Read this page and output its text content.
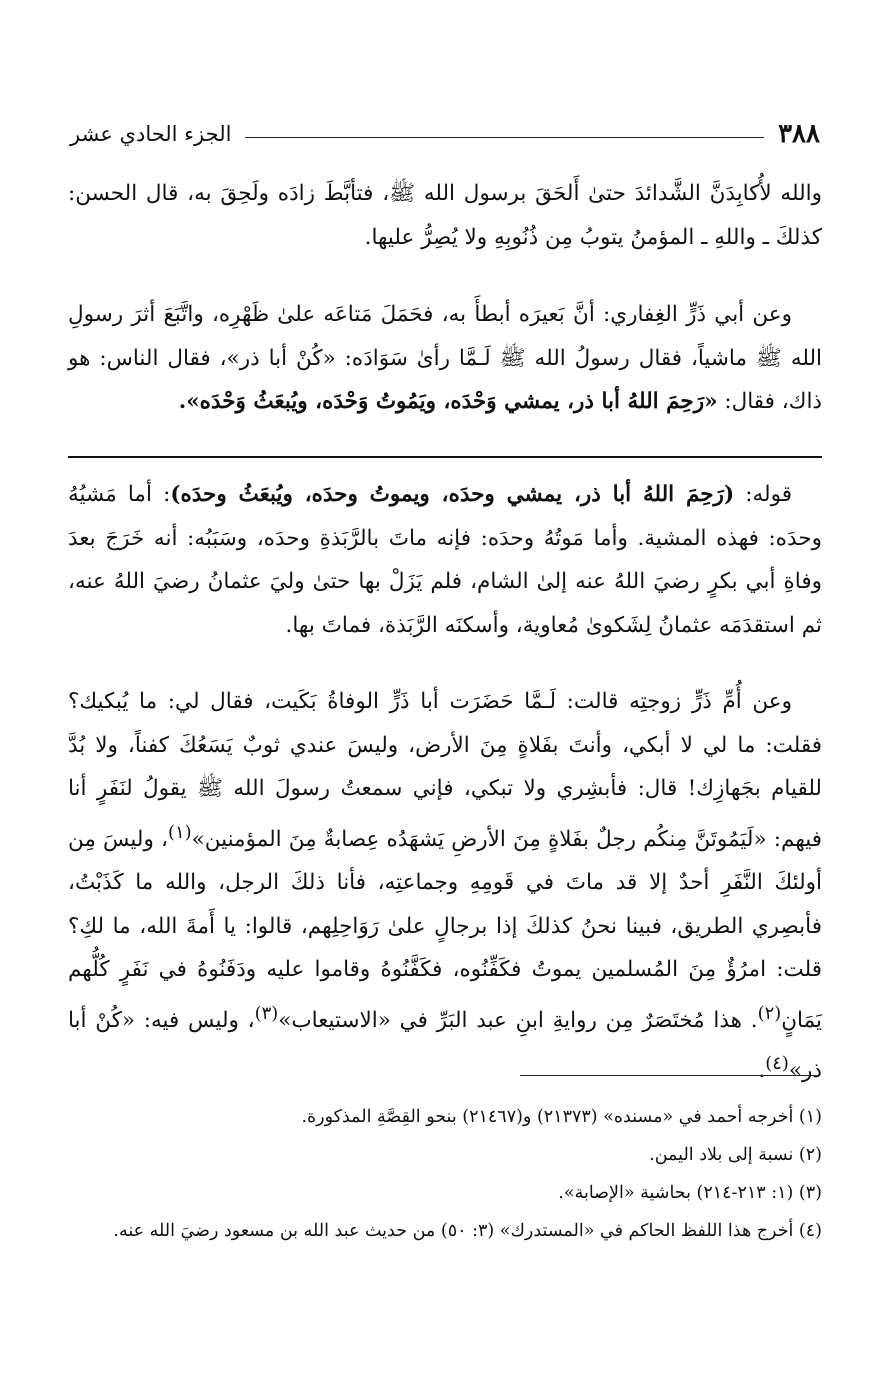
٣٨٨
الجزء الحادي عشر

والله لأُكابِدَنَّ الشَّدائدَ حتىٰ أَلحَقَ برسول الله ﷺ، فتأبَّطَ زادَه ولَحِقَ به، قال الحسن: كذلكَ ـ واللهِ ـ المؤمنُ يتوبُ مِن ذُنُوبِهِ ولا يُصِرُّ عليها.

وعن أبي ذَرٍّ الغِفاري: أنَّ بَعيرَه أبطأَ به، فحَمَلَ مَتاعَه علىٰ ظَهْرِه، واتَّبَعَ أثرَ رسولِ الله ﷺ ماشياً، فقال رسولُ الله ﷺ لَـمَّا رأىٰ سَوَادَه: «كُنْ أبا ذر»، فقال الناس: هو ذاك، فقال: «رَحِمَ اللهُ أبا ذر، يمشي وَحْدَه، ويَمُوتُ وَحْدَه، ويُبعَثُ وَحْدَه».

قوله: (رَحِمَ اللهُ أبا ذر، يمشي وحدَه، ويموتُ وحدَه، ويُبعَثُ وحدَه): أما مَشيُهُ وحدَه: فهذه المشية. وأما مَوتُهُ وحدَه: فإنه ماتَ بالرَّبَذةِ وحدَه، وسَبَبُه: أنه خَرَجَ بعدَ وفاةِ أبي بكرٍ رضيَ اللهُ عنه إلىٰ الشام، فلم يَزَلْ بها حتىٰ وليَ عثمانُ رضيَ اللهُ عنه، ثم استقدَمَه عثمانُ لِشَكوىٰ مُعاوية، وأسكنَه الرَّبَذة، فماتَ بها.

وعن أُمِّ ذَرٍّ زوجتِه قالت: لَـمَّا حَضَرَت أبا ذَرٍّ الوفاةُ بَكَيت، فقال لي: ما يُبكيك؟ فقلت: ما لي لا أبكي، وأنتَ بفَلاةٍ مِنَ الأرض، وليسَ عندي ثوبٌ يَسَعُكَ كفناً، ولا بُدَّ للقيام بجَهازِك! قال: فأبشِري ولا تبكي، فإني سمعتُ رسولَ الله ﷺ يقولُ لنَفَرٍ أنا فيهم: «لَيَمُوتَنَّ مِنكُم رجلٌ بفَلاةٍ مِنَ الأرضِ يَشهَدُه عِصابةٌ مِنَ المؤمنين»$^{(١)}$، وليسَ مِن أولئكَ النَّفَرِ أحدٌ إلا قد ماتَ في قَومِهِ وجماعتِه، فأنا ذلكَ الرجل، والله ما كَذَبْتُ، فأبصِري الطريق، فبينا نحنُ كذلكَ إذا برجالٍ علىٰ رَوَاحِلِهم، قالوا: يا أَمةَ الله، ما لكِ؟ قلت: امرُؤٌ مِنَ المُسلمين يموتُ فكَفِّنُوه، فكَفَّنُوهُ وقاموا عليه ودَفَنُوهُ في نَفَرٍ كُلُّهم يَمَانٍ$^{(٢)}$. هذا مُختَصَرٌ مِن روايةِ ابنِ عبد البَرِّ في «الاستيعاب»$^{(٣)}$، وليس فيه: «كُنْ أبا ذر»$^{(٤)}$.

(١) أخرجه أحمد في «مسنده» (٢١٣٧٣) و(٢١٤٦٧) بنحو القِصَّةِ المذكورة.

(٢) نسبة إلى بلاد اليمن.

(٣) (١: ٢١٣-٢١٤) بحاشية «الإصابة».

(٤) أخرج هذا اللفظ الحاكم في «المستدرك» (٣: ٥٠) من حديث عبد الله بن مسعود رضيَ الله عنه.
